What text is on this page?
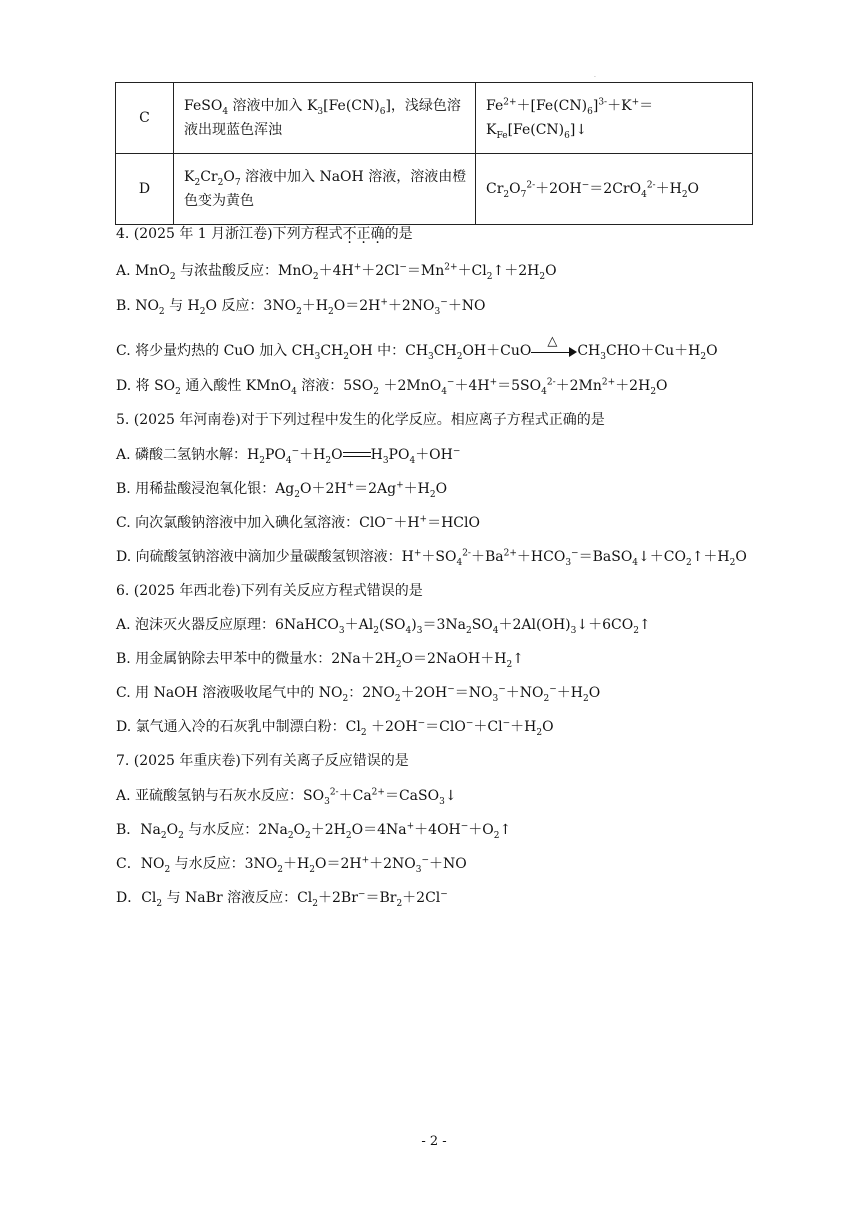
.
C	FeSO$_4$ 溶液中加入 $K_3[Fe(CN)_6]$，浅绿色溶液出现蓝色浑浊	$Fe^{2+}+[Fe(CN)_6]^{3-}+K^+=K_{Fe}[Fe(CN)_6]↓$
D	$K_2Cr_2O_7$ 溶液中加入 NaOH 溶液，溶液由橙色变为黄色	$Cr_2O_7^{2-}+2OH^-=2CrO_4^{2-}+H_2O$
4. (2025 年 1 月浙江卷)下列方程式不正确的是
A. MnO$_2$ 与浓盐酸反应：$MnO_2+4H^++2Cl^-=Mn^{2+}+Cl_2↑+2H_2O$
B. $NO_2$ 与 $H_2O$ 反应：$3NO_2+H_2O=2H^++2NO_3^-+NO$
C. 将少量灼热的 CuO 加入 $CH_3CH_2OH$ 中：$CH_3CH_2OH+CuO$
△
$CH_3CHO+Cu+H_2O$
D. 将 $SO_2$ 通入酸性 KMnO$_4$ 溶液：$5SO_2 +2MnO_4^-+4H^+=5SO_4^{2-}+2Mn^{2+}+2H_2O$
5. (2025 年河南卷)对于下列过程中发生的化学反应。相应离子方程式正确的是
A. 磷酸二氢钠水解：$H_2PO_4^-+H_2O$ $H_3PO_4+OH^-$
B. 用稀盐酸浸泡氧化银：$Ag_2O+2H^+=2Ag^++H_2O$
C. 向次氯酸钠溶液中加入碘化氢溶液：ClO−＋H+＝HClO
D. 向硫酸氢钠溶液中滴加少量碳酸氢钡溶液：$H^++SO_4^{2-}+Ba^{2+}+HCO_3^-=BaSO_4↓+CO_2↑+H_2O$
6. (2025 年西北卷)下列有关反应方程式错误的是
A. 泡沫灭火器反应原理：$6NaHCO_3+Al_2(SO_4)_3=3Na_2SO_4+2Al(OH)_3↓+6CO_2↑$
B. 用金属钠除去甲苯中的微量水：$2Na+2H_2O=2NaOH+H_2↑$
C. 用 NaOH 溶液吸收尾气中的 $NO_2$：$2NO_2+2OH^-=NO_3^-+NO_2^-+H_2O$
D. 氯气通入冷的石灰乳中制漂白粉：$Cl_2 +2OH^-=ClO^-+Cl^-+H_2O$
7. (2025 年重庆卷)下列有关离子反应错误的是
A. 亚硫酸氢钠与石灰水反应：$SO_3^{2-}+Ca^{2+}=CaSO_3↓$
B．$Na_2O_2$ 与水反应：$2Na_2O_2+2H_2O=4Na^++4OH^-+O_2↑$
C．$NO_2$ 与水反应：$3NO_2+H_2O=2H^++2NO_3^-+NO$
D．$Cl_2$ 与 NaBr 溶液反应：$Cl_2+2Br^-=Br_2+2Cl^-$
- 2 -
